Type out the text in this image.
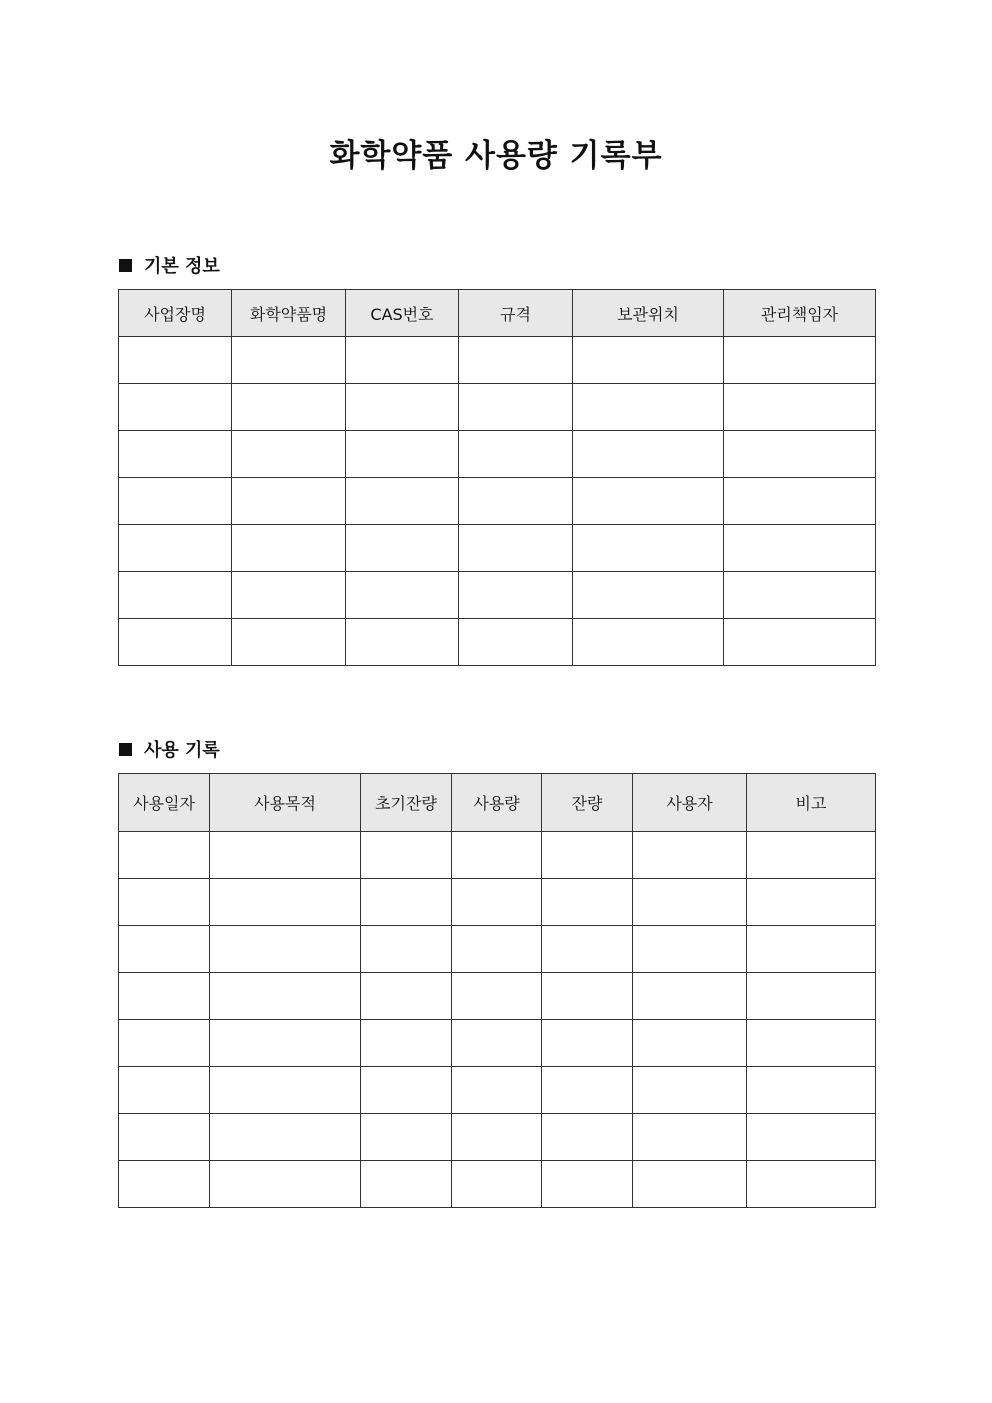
화학약품 사용량 기록부
기본 정보
사업장명	화학약품명	CAS번호	규격	보관위치	관리책임자

사용 기록
사용일자	사용목적	초기잔량	사용량	잔량	사용자	비고
